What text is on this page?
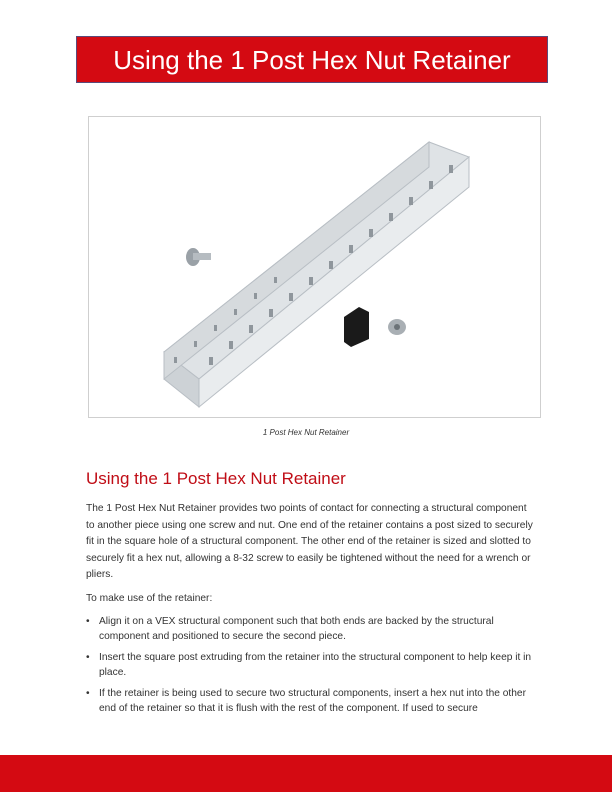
Using the 1 Post Hex Nut Retainer
1 Post Hex Nut Retainer
Using the 1 Post Hex Nut Retainer

The 1 Post Hex Nut Retainer provides two points of contact for connecting a structural component to another piece using one screw and nut. One end of the retainer contains a post sized to securely fit in the square hole of a structural component. The other end of the retainer is sized and slotted to securely fit a hex nut, allowing a 8-32 screw to easily be tightened without the need for a wrench or pliers.

To make use of the retainer:

• Align it on a VEX structural component such that both ends are backed by the structural component and positioned to secure the second piece.
• Insert the square post extruding from the retainer into the structural component to help keep it in place.
• If the retainer is being used to secure two structural components, insert a hex nut into the other end of the retainer so that it is flush with the rest of the component. If used to secure
